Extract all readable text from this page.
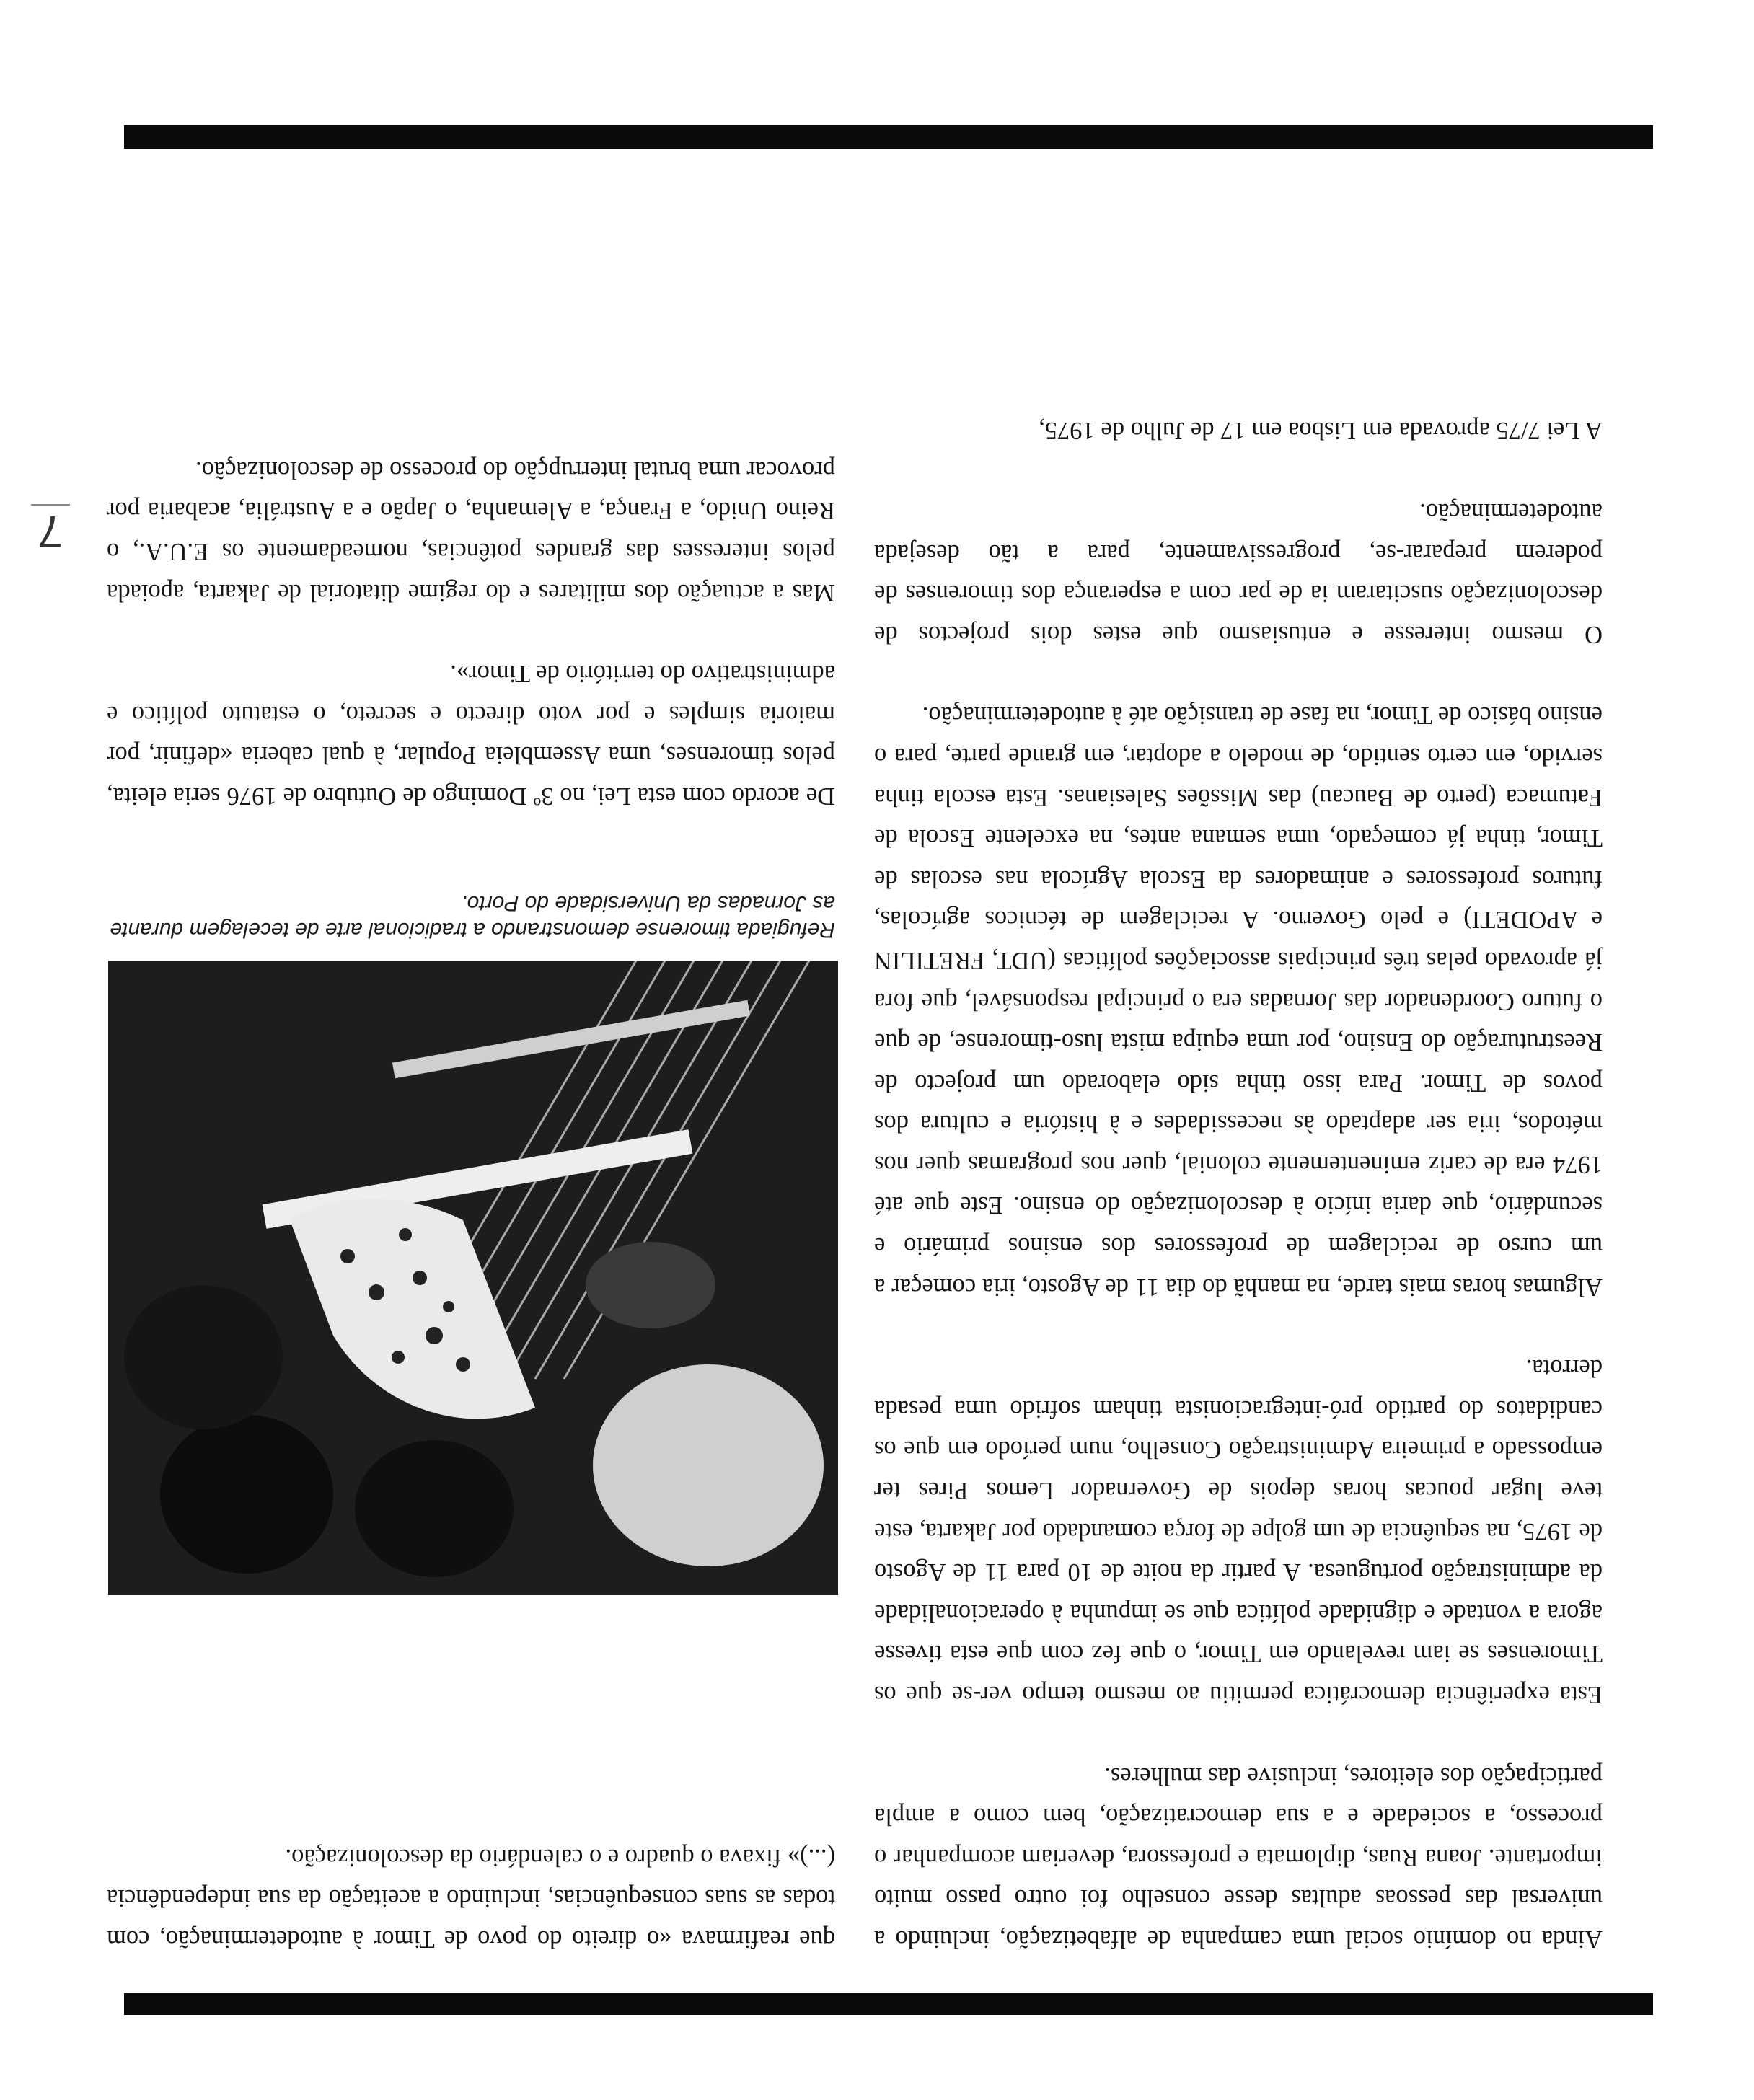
Ainda no domínio social uma campanha de alfabetização, incluindo a universal das pessoas adultas desse conselho foi outro passo muito importante. Joana Ruas, diplomata e professora, deveriam acompanhar o processo, a sociedade e a sua democratização, bem como a ampla participação dos eleitores, inclusive das mulheres.

Esta experiência democrática permitiu ao mesmo tempo ver-se que os Timorenses se iam revelando em Timor, o que fez com que esta tivesse agora a vontade e dignidade política que se impunha à operacionalidade da administração portuguesa. A partir da noite de 10 para 11 de Agosto de 1975, na sequência de um golpe de força comandado por Jakarta, este teve lugar poucas horas depois de Governador Lemos Pires ter empossado a primeira Administração Conselho, num período em que os candidatos do partido pró-integracionista tinham sofrido uma pesada derrota.

Algumas horas mais tarde, na manhã do dia 11 de Agosto, iria começar a um curso de reciclagem de professores dos ensinos primário e secundário, que daria início à descolonização do ensino. Este que até 1974 era de cariz eminentemente colonial, quer nos programas quer nos métodos, iria ser adaptado às necessidades e à história e cultura dos povos de Timor. Para isso tinha sido elaborado um projecto de Reestruturação do Ensino, por uma equipa mista luso-timorense, de que o futuro Coordenador das Jornadas era o principal responsável, que fora já aprovado pelas três principais associações políticas (UDT, FRETILIN e APODETI) e pelo Governo. A reciclagem de técnicos agrícolas, futuros professores e animadores da Escola Agrícola nas escolas de Timor, tinha já começado, uma semana antes, na excelente Escola de Fatumaca (perto de Baucau) das Missões Salesianas. Esta escola tinha servido, em certo sentido, de modelo a adoptar, em grande parte, para o ensino básico de Timor, na fase de transição até à autodeterminação.

O mesmo interesse e entusiasmo que estes dois projectos de descolonização suscitaram ia de par com a esperança dos timorenses de poderem preparar-se, progressivamente, para a tão desejada autodeterminação.

A Lei 7/75 aprovada em Lisboa em 17 de Julho de 1975,

Refugiada timorense demonstrando a tradicional arte de tecelagem durante as Jornadas da Universidade do Porto.

que reafirmava «o direito do povo de Timor à autodeterminação, com todas as suas consequências, incluindo a aceitação da sua independência (...)» fixava o quadro e o calendário da descolonização.

De acordo com esta Lei, no 3º Domingo de Outubro de 1976 seria eleita, pelos timorenses, uma Assembleia Popular, à qual caberia «definir, por maioria simples e por voto directo e secreto, o estatuto político e administrativo do território de Timor».

Mas a actuação dos militares e do regime ditatorial de Jakarta, apoiada pelos interesses das grandes potências, nomeadamente os E.U.A., o Reino Unido, a França, a Alemanha, o Japão e a Austrália, acabaria por provocar uma brutal interrupção do processo de descolonização.

7
